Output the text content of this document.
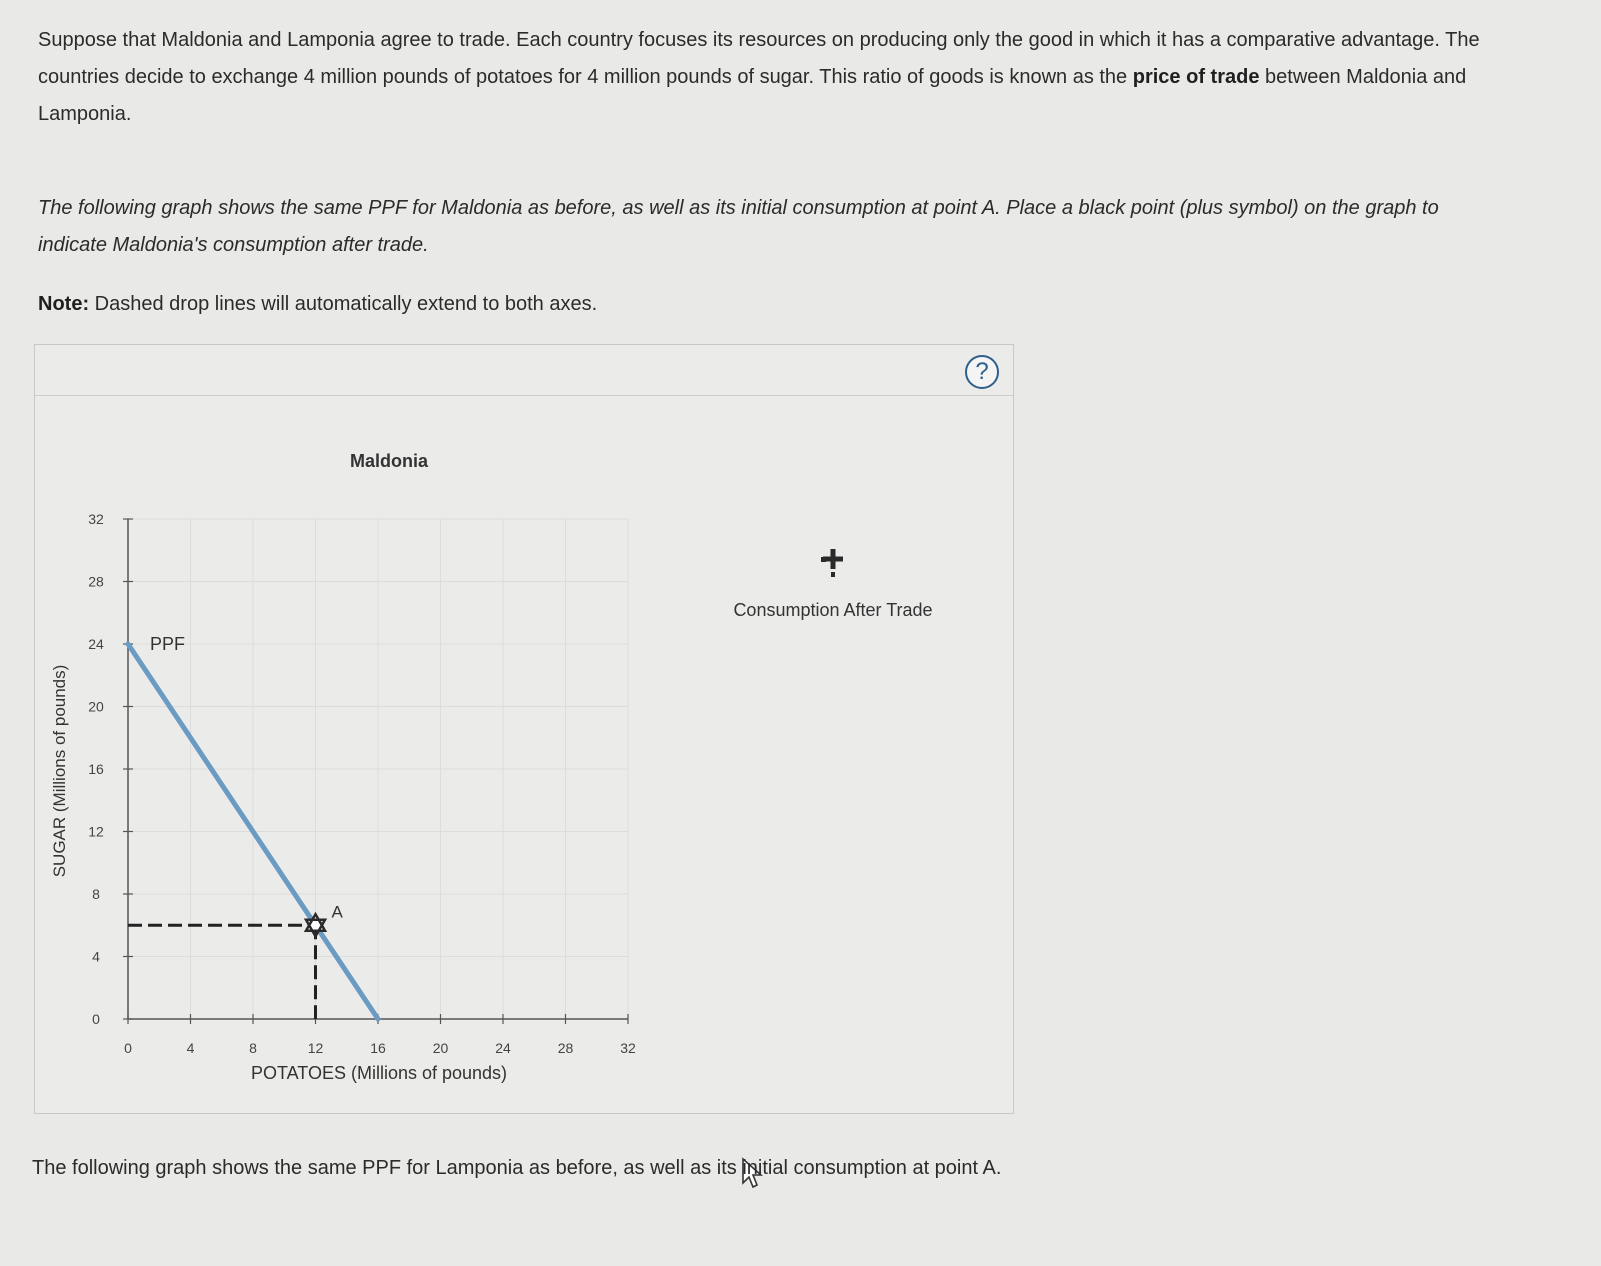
Suppose that Maldonia and Lamponia agree to trade. Each country focuses its resources on producing only the good in which it has a comparative advantage. The countries decide to exchange 4 million pounds of potatoes for 4 million pounds of sugar. This ratio of goods is known as the price of trade between Maldonia and Lamponia.
The following graph shows the same PPF for Maldonia as before, as well as its initial consumption at point A. Place a black point (plus symbol) on the graph to indicate Maldonia's consumption after trade.
Note: Dashed drop lines will automatically extend to both axes.
?
0	4	8	12	16	20	24	28	32
0
4
8
12
16
20
24
28
32
PPF
A
Maldonia
POTATOES (Millions of pounds)
SUGAR (Millions of pounds)
Consumption After Trade
The following graph shows the same PPF for Lamponia as before, as well as its initial consumption at point A.
